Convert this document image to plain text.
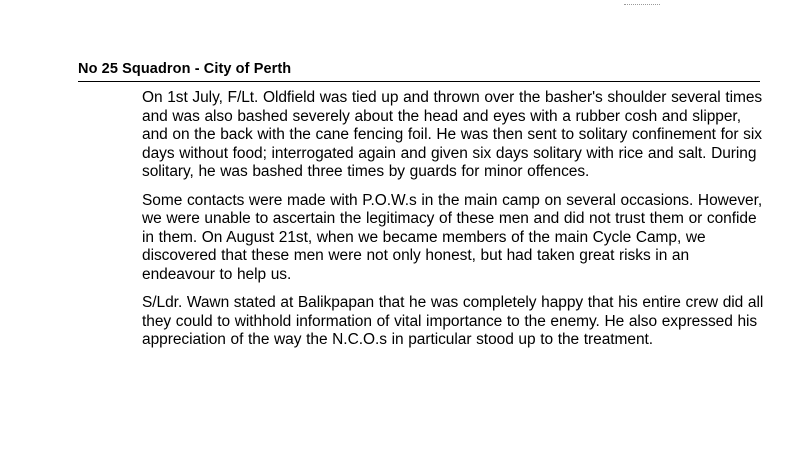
No 25 Squadron - City of Perth

On 1st July, F/Lt. Oldfield was tied up and thrown over the basher's shoulder several times and was also bashed severely about the head and eyes with a rubber cosh and slipper, and on the back with the cane fencing foil. He was then sent to solitary confinement for six days without food; interrogated again and given six days solitary with rice and salt. During solitary, he was bashed three times by guards for minor offences.

Some contacts were made with P.O.W.s in the main camp on several occasions. However, we were unable to ascertain the legitimacy of these men and did not trust them or confide in them. On August 21st, when we became members of the main Cycle Camp, we discovered that these men were not only honest, but had taken great risks in an endeavour to help us.

S/Ldr. Wawn stated at Balikpapan that he was completely happy that his entire crew did all they could to withhold information of vital importance to the enemy. He also expressed his appreciation of the way the N.C.O.s in particular stood up to the treatment.
